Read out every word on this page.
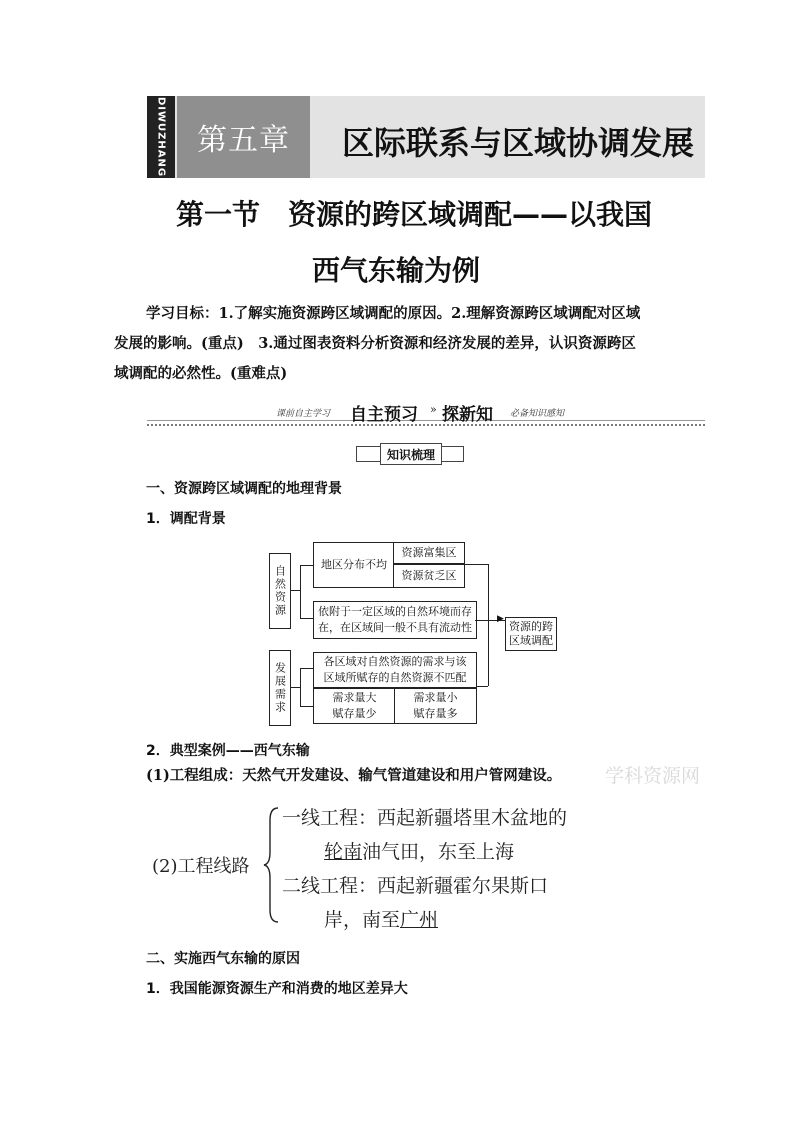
DIWUZHANG	第五章	区际联系与区域协调发展
第一节　资源的跨区域调配——以我国
西气东输为例
学习目标：1.了解实施资源跨区域调配的原因。2.理解资源跨区域调配对区域
发展的影响。(重点)　3.通过图表资料分析资源和经济发展的差异，认识资源跨区
域调配的必然性。(重难点)
课前自主学习 自主预习 » 探新知 必备知识感知
知识梳理
一、资源跨区域调配的地理背景
1．调配背景
自然资源
地区分布不均
资源富集区
资源贫乏区
依附于一定区域的自然环境而存
在，在区域间一般不具有流动性
▶
资源的跨
区域调配
发展需求
各区域对自然资源的需求与该
区域所赋存的自然资源不匹配
需求量大
赋存量少
需求量小
赋存量多
2．典型案例——西气东输
(1)工程组成：天然气开发建设、输气管道建设和用户管网建设。 学科资源网
(2)工程线路
一线工程：西起新疆塔里木盆地的
轮南油气田，东至上海
二线工程：西起新疆霍尔果斯口
岸，南至广州
二、实施西气东输的原因
1．我国能源资源生产和消费的地区差异大
